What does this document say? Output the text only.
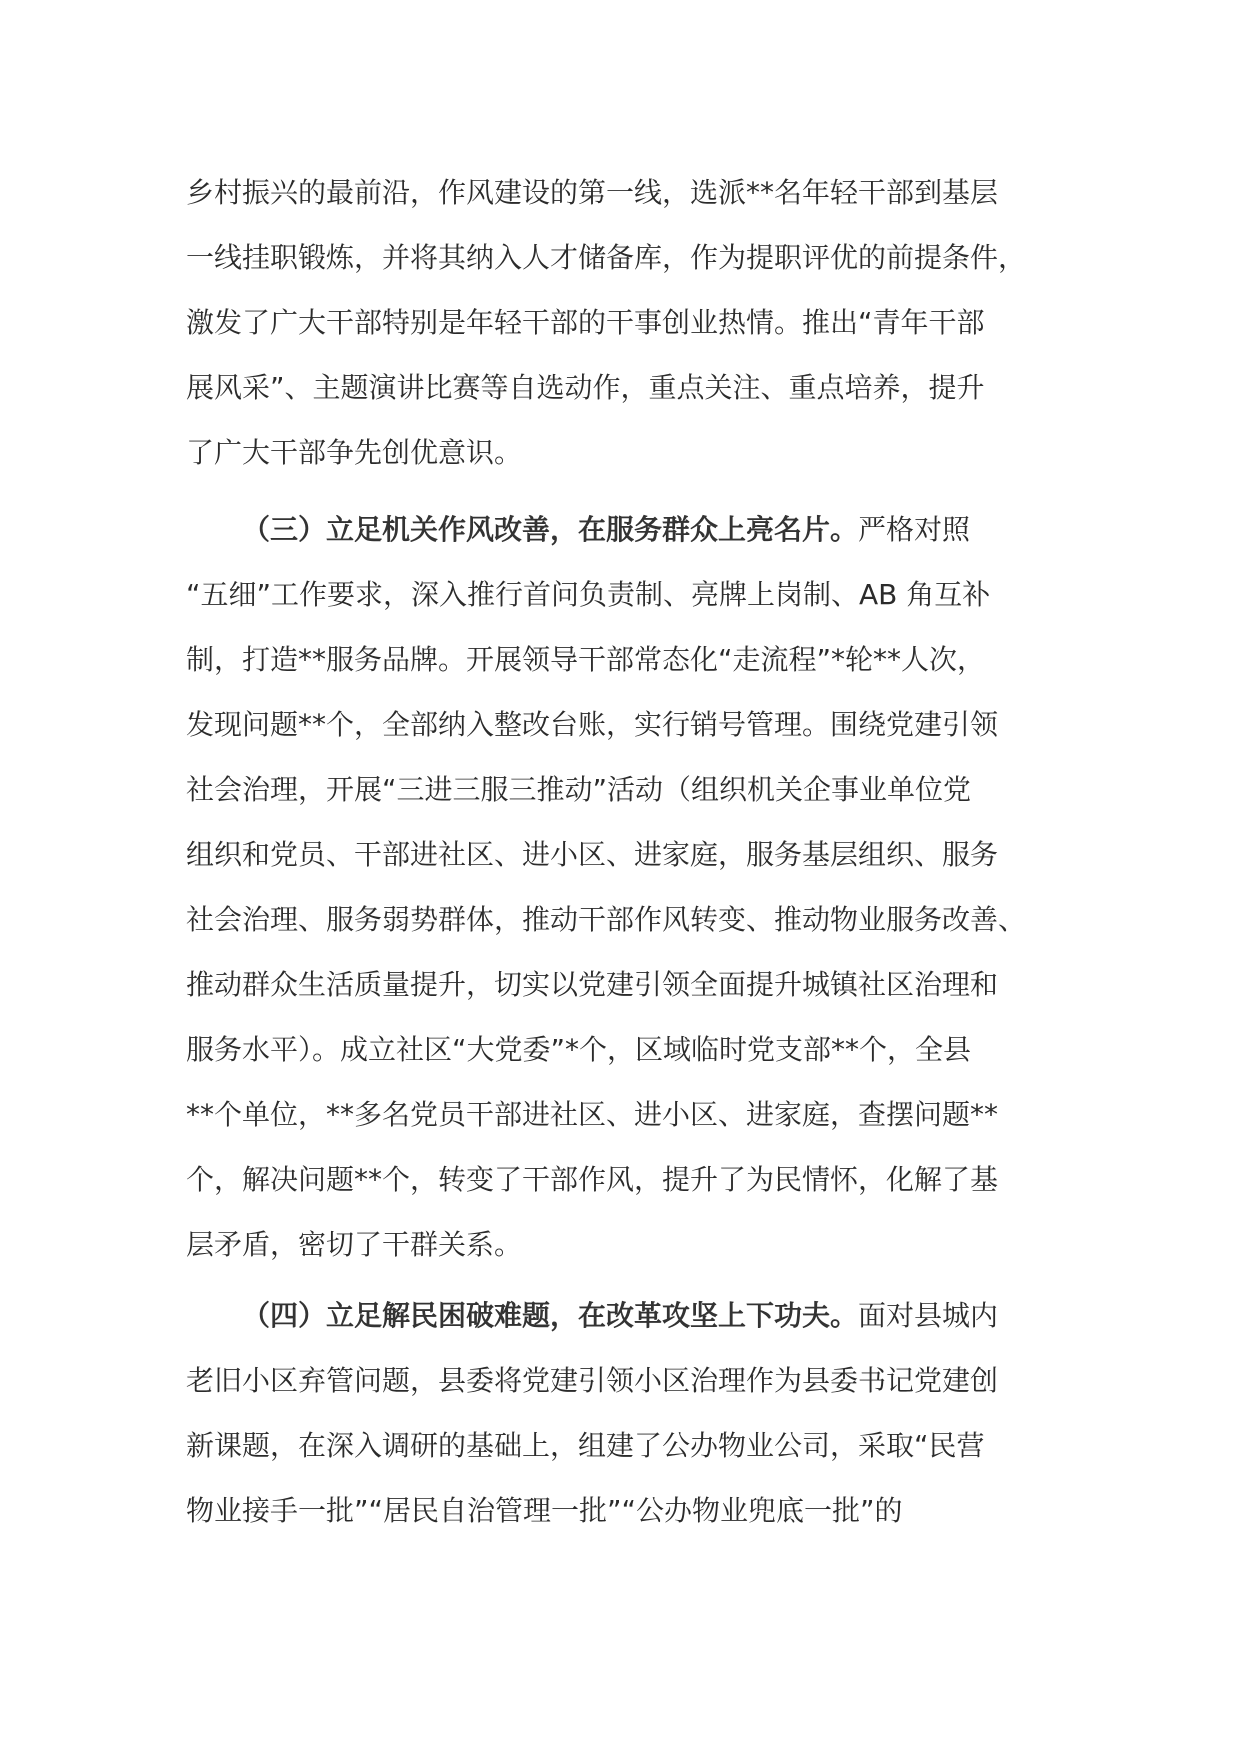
乡村振兴的最前沿，作风建设的第一线，选派**名年轻干部到基层
一线挂职锻炼，并将其纳入人才储备库，作为提职评优的前提条件，
激发了广大干部特别是年轻干部的干事创业热情。推出“青年干部
展风采”、主题演讲比赛等自选动作，重点关注、重点培养，提升
了广大干部争先创优意识。
（三）立足机关作风改善，在服务群众上亮名片。严格对照
“五细”工作要求，深入推行首问负责制、亮牌上岗制、AB 角互补
制，打造**服务品牌。开展领导干部常态化“走流程”*轮**人次，
发现问题**个，全部纳入整改台账，实行销号管理。围绕党建引领
社会治理，开展“三进三服三推动”活动（组织机关企事业单位党
组织和党员、干部进社区、进小区、进家庭，服务基层组织、服务
社会治理、服务弱势群体，推动干部作风转变、推动物业服务改善、
推动群众生活质量提升，切实以党建引领全面提升城镇社区治理和
服务水平）。成立社区“大党委”*个，区域临时党支部**个，全县
**个单位，**多名党员干部进社区、进小区、进家庭，查摆问题**
个，解决问题**个，转变了干部作风，提升了为民情怀，化解了基
层矛盾，密切了干群关系。
（四）立足解民困破难题，在改革攻坚上下功夫。面对县城内
老旧小区弃管问题，县委将党建引领小区治理作为县委书记党建创
新课题，在深入调研的基础上，组建了公办物业公司，采取“民营
物业接手一批”“居民自治管理一批”“公办物业兜底一批”的
